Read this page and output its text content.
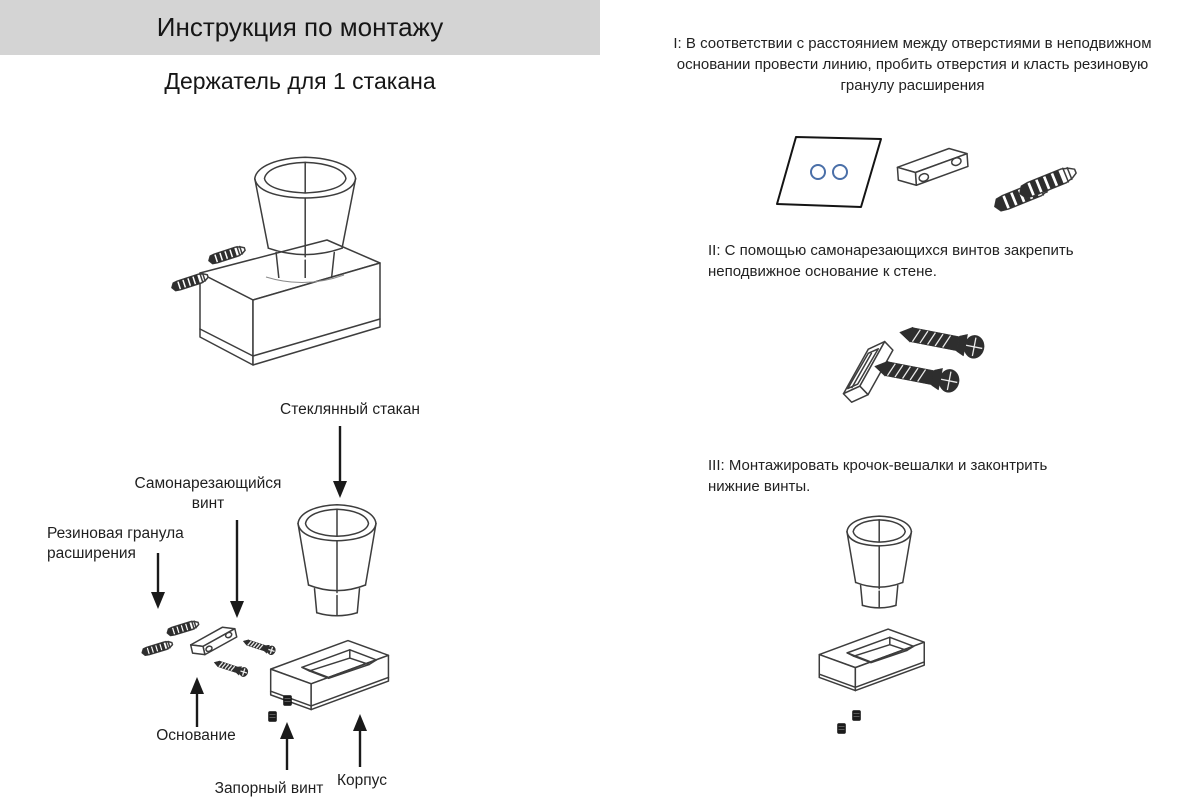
Инструкция по монтажу
Держатель для 1 стакана
Стеклянный стакан
Самонарезающийся винт
Резиновая гранула расширения
Основание
Запорный винт Корпус

I: В соответствии с расстоянием между отверстиями в неподвижном основании провести линию, пробить отверстия и класть резиновую гранулу расширения

II: С помощью самонарезающихся винтов закрепить неподвижное основание к стене.

III: Монтажировать крочок-вешалки и законтрить нижние винты.
